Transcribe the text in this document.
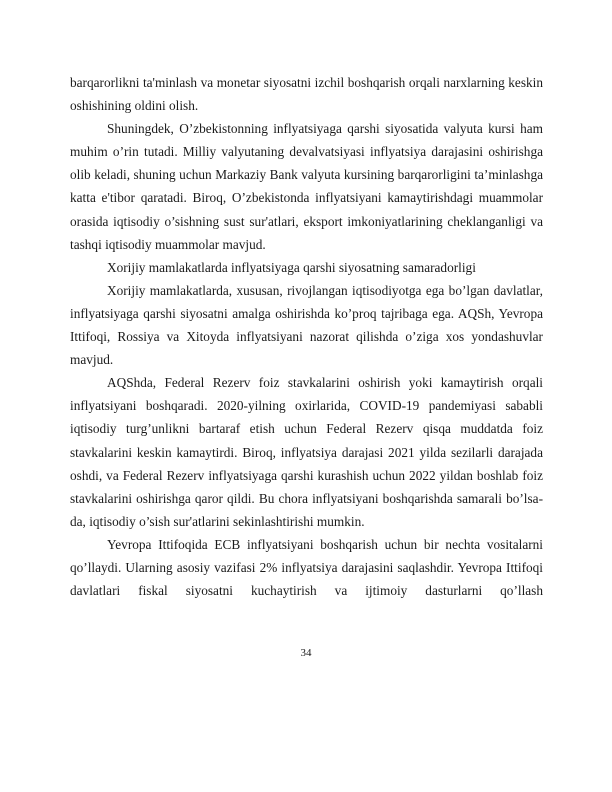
barqarorlikni ta'minlash va monetar siyosatni izchil boshqarish orqali narxlarning keskin oshishining oldini olish.

Shuningdek, O’zbekistonning inflyatsiyaga qarshi siyosatida valyuta kursi ham muhim o’rin tutadi. Milliy valyutaning devalvatsiyasi inflyatsiya darajasini oshirishga olib keladi, shuning uchun Markaziy Bank valyuta kursining barqarorligini ta’minlashga katta e'tibor qaratadi. Biroq, O’zbekistonda inflyatsiyani kamaytirishdagi muammolar orasida iqtisodiy o’sishning sust sur'atlari, eksport imkoniyatlarining cheklanganligi va tashqi iqtisodiy muammolar mavjud.

Xorijiy mamlakatlarda inflyatsiyaga qarshi siyosatning samaradorligi

Xorijiy mamlakatlarda, xususan, rivojlangan iqtisodiyotga ega bo’lgan davlatlar, inflyatsiyaga qarshi siyosatni amalga oshirishda ko’proq tajribaga ega. AQSh, Yevropa Ittifoqi, Rossiya va Xitoyda inflyatsiyani nazorat qilishda o’ziga xos yondashuvlar mavjud.

AQShda, Federal Rezerv foiz stavkalarini oshirish yoki kamaytirish orqali inflyatsiyani boshqaradi. 2020-yilning oxirlarida, COVID-19 pandemiyasi sababli iqtisodiy turg’unlikni bartaraf etish uchun Federal Rezerv qisqa muddatda foiz stavkalarini keskin kamaytirdi. Biroq, inflyatsiya darajasi 2021 yilda sezilarli darajada oshdi, va Federal Rezerv inflyatsiyaga qarshi kurashish uchun 2022 yildan boshlab foiz stavkalarini oshirishga qaror qildi. Bu chora inflyatsiyani boshqarishda samarali bo’lsa-da, iqtisodiy o’sish sur'atlarini sekinlashtirishi mumkin.

Yevropa Ittifoqida ECB inflyatsiyani boshqarish uchun bir nechta vositalarni qo’llaydi. Ularning asosiy vazifasi 2% inflyatsiya darajasini saqlashdir. Yevropa Ittifoqi davlatlari fiskal siyosatni kuchaytirish va ijtimoiy dasturlarni qo’llash

34
